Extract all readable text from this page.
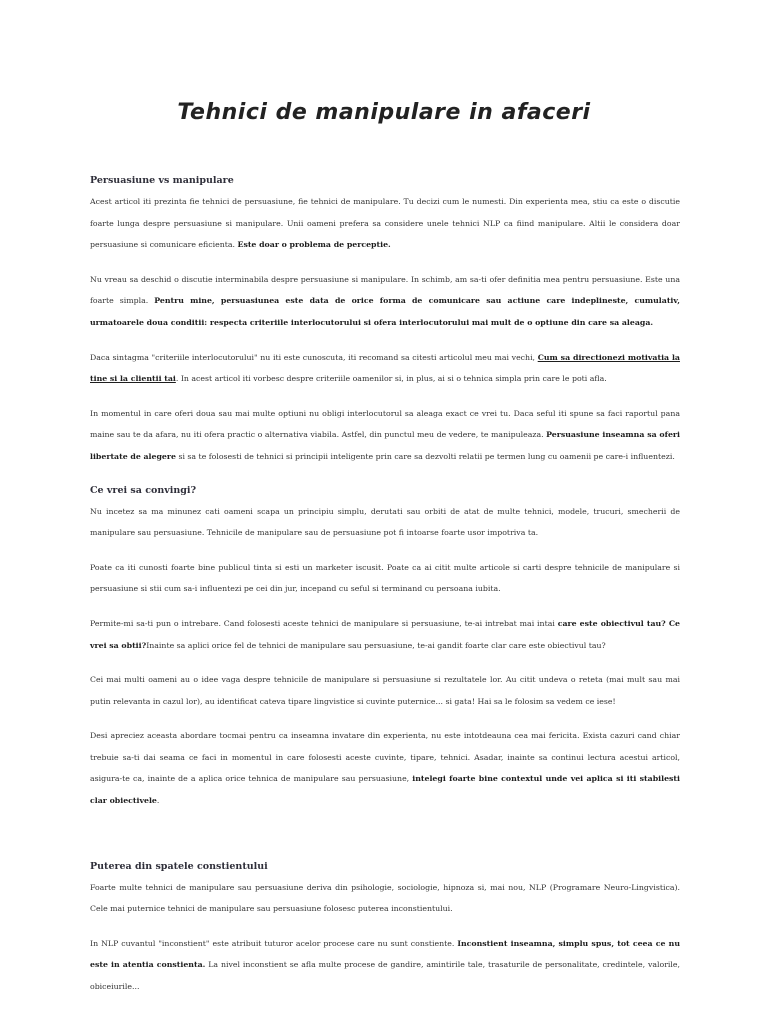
Tehnici de manipulare in afaceri
Persuasiune vs manipulare

Acest articol iti prezinta fie tehnici de persuasiune, fie tehnici de manipulare. Tu decizi cum le numesti. Din experienta mea, stiu ca este o discutie foarte lunga despre persuasiune si manipulare. Unii oameni prefera sa considere unele tehnici NLP ca fiind manipulare. Altii le considera doar persuasiune si comunicare eficienta. Este doar o problema de perceptie.

Nu vreau sa deschid o discutie interminabila despre persuasiune si manipulare. In schimb, am sa-ti ofer definitia mea pentru persuasiune. Este una foarte simpla. Pentru mine, persuasiunea este data de orice forma de comunicare sau actiune care indeplineste, cumulativ, urmatoarele doua conditii: respecta criteriile interlocutorului si ofera interlocutorului mai mult de o optiune din care sa aleaga.

Daca sintagma "criteriile interlocutorului" nu iti este cunoscuta, iti recomand sa citesti articolul meu mai vechi, Cum sa directionezi motivatia la tine si la clientii tai. In acest articol iti vorbesc despre criteriile oamenilor si, in plus, ai si o tehnica simpla prin care le poti afla.

In momentul in care oferi doua sau mai multe optiuni nu obligi interlocutorul sa aleaga exact ce vrei tu. Daca seful iti spune sa faci raportul pana maine sau te da afara, nu iti ofera practic o alternativa viabila. Astfel, din punctul meu de vedere, te manipuleaza. Persuasiune inseamna sa oferi libertate de alegere si sa te folosesti de tehnici si principii inteligente prin care sa dezvolti relatii pe termen lung cu oamenii pe care-i influentezi.

Ce vrei sa convingi?

Nu incetez sa ma minunez cati oameni scapa un principiu simplu, derutati sau orbiti de atat de multe tehnici, modele, trucuri, smecherii de manipulare sau persuasiune. Tehnicile de manipulare sau de persuasiune pot fi intoarse foarte usor impotriva ta.

Poate ca iti cunosti foarte bine publicul tinta si esti un marketer iscusit. Poate ca ai citit multe articole si carti despre tehnicile de manipulare si persuasiune si stii cum sa-i influentezi pe cei din jur, incepand cu seful si terminand cu persoana iubita.

Permite-mi sa-ti pun o intrebare. Cand folosesti aceste tehnici de manipulare si persuasiune, te-ai intrebat mai intai care este obiectivul tau? Ce vrei sa obtii?Inainte sa aplici orice fel de tehnici de manipulare sau persuasiune, te-ai gandit foarte clar care este obiectivul tau?

Cei mai multi oameni au o idee vaga despre tehnicile de manipulare si persuasiune si rezultatele lor. Au citit undeva o reteta (mai mult sau mai putin relevanta in cazul lor), au identificat cateva tipare lingvistice si cuvinte puternice... si gata! Hai sa le folosim sa vedem ce iese!

Desi apreciez aceasta abordare tocmai pentru ca inseamna invatare din experienta, nu este intotdeauna cea mai fericita. Exista cazuri cand chiar trebuie sa-ti dai seama ce faci in momentul in care folosesti aceste cuvinte, tipare, tehnici. Asadar, inainte sa continui lectura acestui articol, asigura-te ca, inainte de a aplica orice tehnica de manipulare sau persuasiune, intelegi foarte bine contextul unde vei aplica si iti stabilesti clar obiectivele.

Puterea din spatele constientului

Foarte multe tehnici de manipulare sau persuasiune deriva din psihologie, sociologie, hipnoza si, mai nou, NLP (Programare Neuro-Lingvistica). Cele mai puternice tehnici de manipulare sau persuasiune folosesc puterea inconstientului.

In NLP cuvantul "inconstient" este atribuit tuturor acelor procese care nu sunt constiente. Inconstient inseamna, simplu spus, tot ceea ce nu este in atentia constienta. La nivel inconstient se afla multe procese de gandire, amintirile tale, trasaturile de personalitate, credintele, valorile, obiceiurile...
